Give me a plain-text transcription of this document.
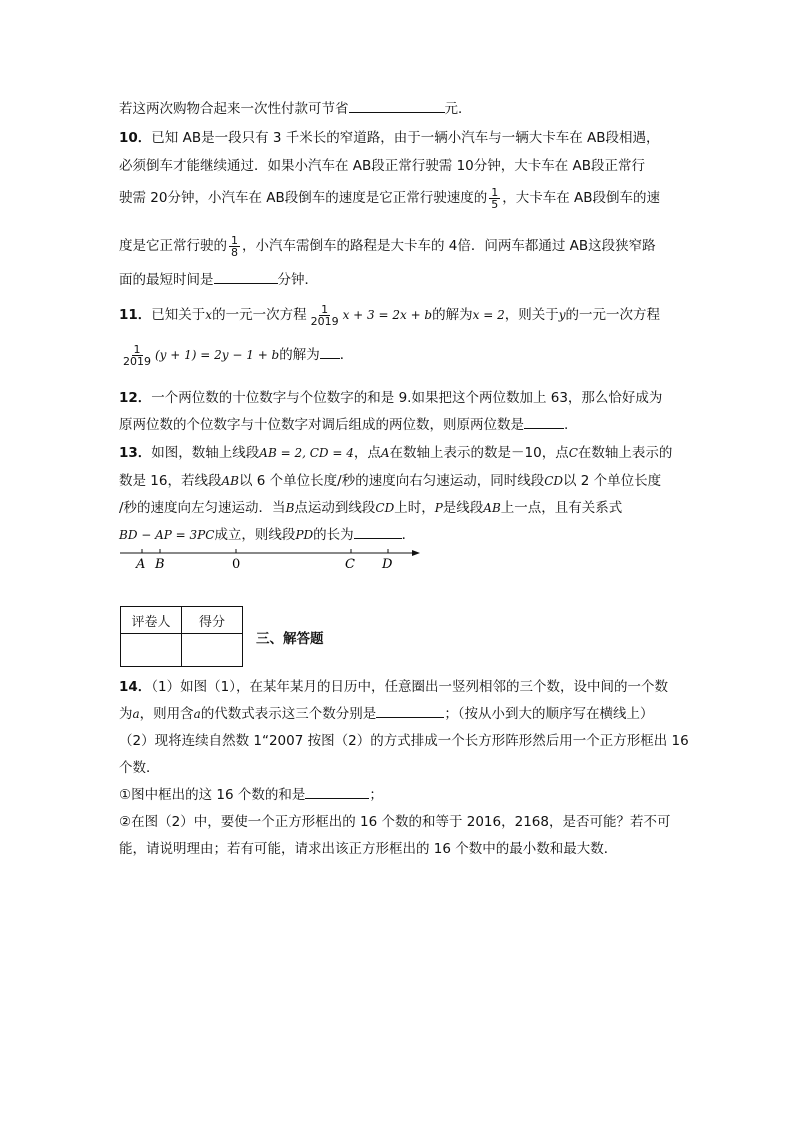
若这两次购物合起来一次性付款可节省	元．
10．已知 AB是一段只有 3 千米长的窄道路，由于一辆小汽车与一辆大卡车在 AB段相遇，
必须倒车才能继续通过．如果小汽车在 AB段正常行驶需 10分钟，大卡车在 AB段正常行
驶需 20分钟，小汽车在 AB段倒车的速度是它正常行驶速度的 $\frac{1}{5}$ ，大卡车在 AB段倒车的速
度是它正常行驶的 $\frac{1}{8}$ ，小汽车需倒车的路程是大卡车的 4倍．问两车都通过 AB这段狭窄路
面的最短时间是	分钟．
11．已知关于x的一元一次方程 $\frac{1}{2019}$ x + 3 = 2x + b的解为x = 2，则关于y的一元一次方程
$\frac{1}{2019} (y + 1) = 2y - 1 + b$的解为 ．
12．一个两位数的十位数字与个位数字的和是 9.如果把这个两位数加上 63，那么恰好成为
原两位数的个位数字与十位数字对调后组成的两位数，则原两位数是	.
13．如图，数轴上线段AB = 2, CD = 4，点A在数轴上表示的数是－10，点C在数轴上表示的
数是 16，若线段AB以 6 个单位长度/秒的速度向右匀速运动，同时线段CD以 2 个单位长度
/秒的速度向左匀速运动．当B点运动到线段CD上时，P是线段AB上一点，且有关系式
BD − AP = 3PC成立，则线段PD的长为	．
A B	0	C D
评卷人	得分

三、解答题
14．（1）如图（1），在某年某月的日历中，任意圈出一竖列相邻的三个数，设中间的一个数
为a，则用含a的代数式表示这三个数分别是	；（按从小到大的顺序写在横线上）
（2）现将连续自然数 1“2007 按图（2）的方式排成一个长方形阵形然后用一个正方形框出 16
个数．
①图中框出的这 16 个数的和是	；
②在图（2）中，要使一个正方形框出的 16 个数的和等于 2016，2168，是否可能？若不可
能，请说明理由；若有可能，请求出该正方形框出的 16 个数中的最小数和最大数．
